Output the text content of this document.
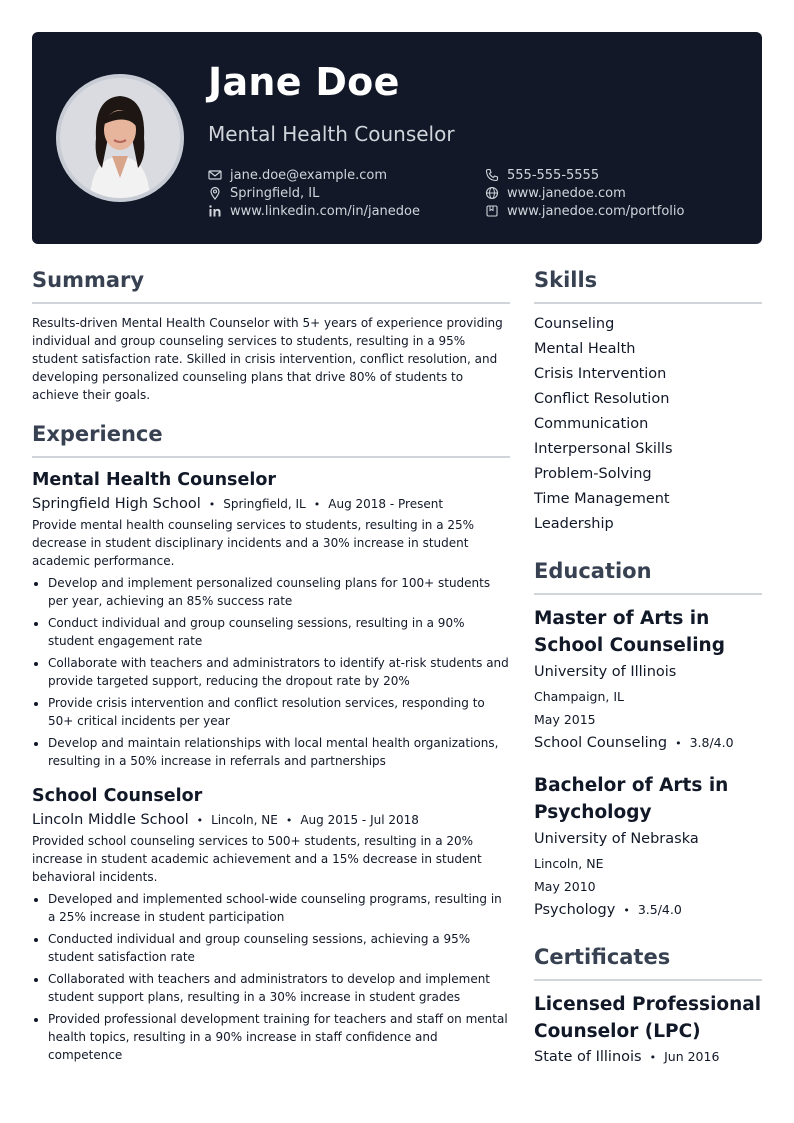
Jane Doe
Mental Health Counselor
jane.doe@example.com
Springfield, IL
www.linkedin.com/in/janedoe
555-555-5555
www.janedoe.com
www.janedoe.com/portfolio
Summary

Results-driven Mental Health Counselor with 5+ years of experience providing individual and group counseling services to students, resulting in a 95% student satisfaction rate. Skilled in crisis intervention, conflict resolution, and developing personalized counseling plans that drive 80% of students to achieve their goals.

Experience
Mental Health Counselor
Springfield High School • Springfield, IL • Aug 2018 - Present
Provide mental health counseling services to students, resulting in a 25% decrease in student disciplinary incidents and a 30% increase in student academic performance.
• Develop and implement personalized counseling plans for 100+ students per year, achieving an 85% success rate
• Conduct individual and group counseling sessions, resulting in a 90% student engagement rate
• Collaborate with teachers and administrators to identify at-risk students and provide targeted support, reducing the dropout rate by 20%
• Provide crisis intervention and conflict resolution services, responding to 50+ critical incidents per year
• Develop and maintain relationships with local mental health organizations, resulting in a 50% increase in referrals and partnerships
School Counselor
Lincoln Middle School • Lincoln, NE • Aug 2015 - Jul 2018
Provided school counseling services to 500+ students, resulting in a 20% increase in student academic achievement and a 15% decrease in student behavioral incidents.
• Developed and implemented school-wide counseling programs, resulting in a 25% increase in student participation
• Conducted individual and group counseling sessions, achieving a 95% student satisfaction rate
• Collaborated with teachers and administrators to develop and implement student support plans, resulting in a 30% increase in student grades
• Provided professional development training for teachers and staff on mental health topics, resulting in a 90% increase in staff confidence and competence
Skills
Counseling
Mental Health
Crisis Intervention
Conflict Resolution
Communication
Interpersonal Skills
Problem-Solving
Time Management
Leadership
Education
Master of Arts in School Counseling
University of Illinois
Champaign, IL
May 2015
School Counseling • 3.8/4.0
Bachelor of Arts in Psychology
University of Nebraska
Lincoln, NE
May 2010
Psychology • 3.5/4.0
Certificates
Licensed Professional Counselor (LPC)
State of Illinois • Jun 2016
